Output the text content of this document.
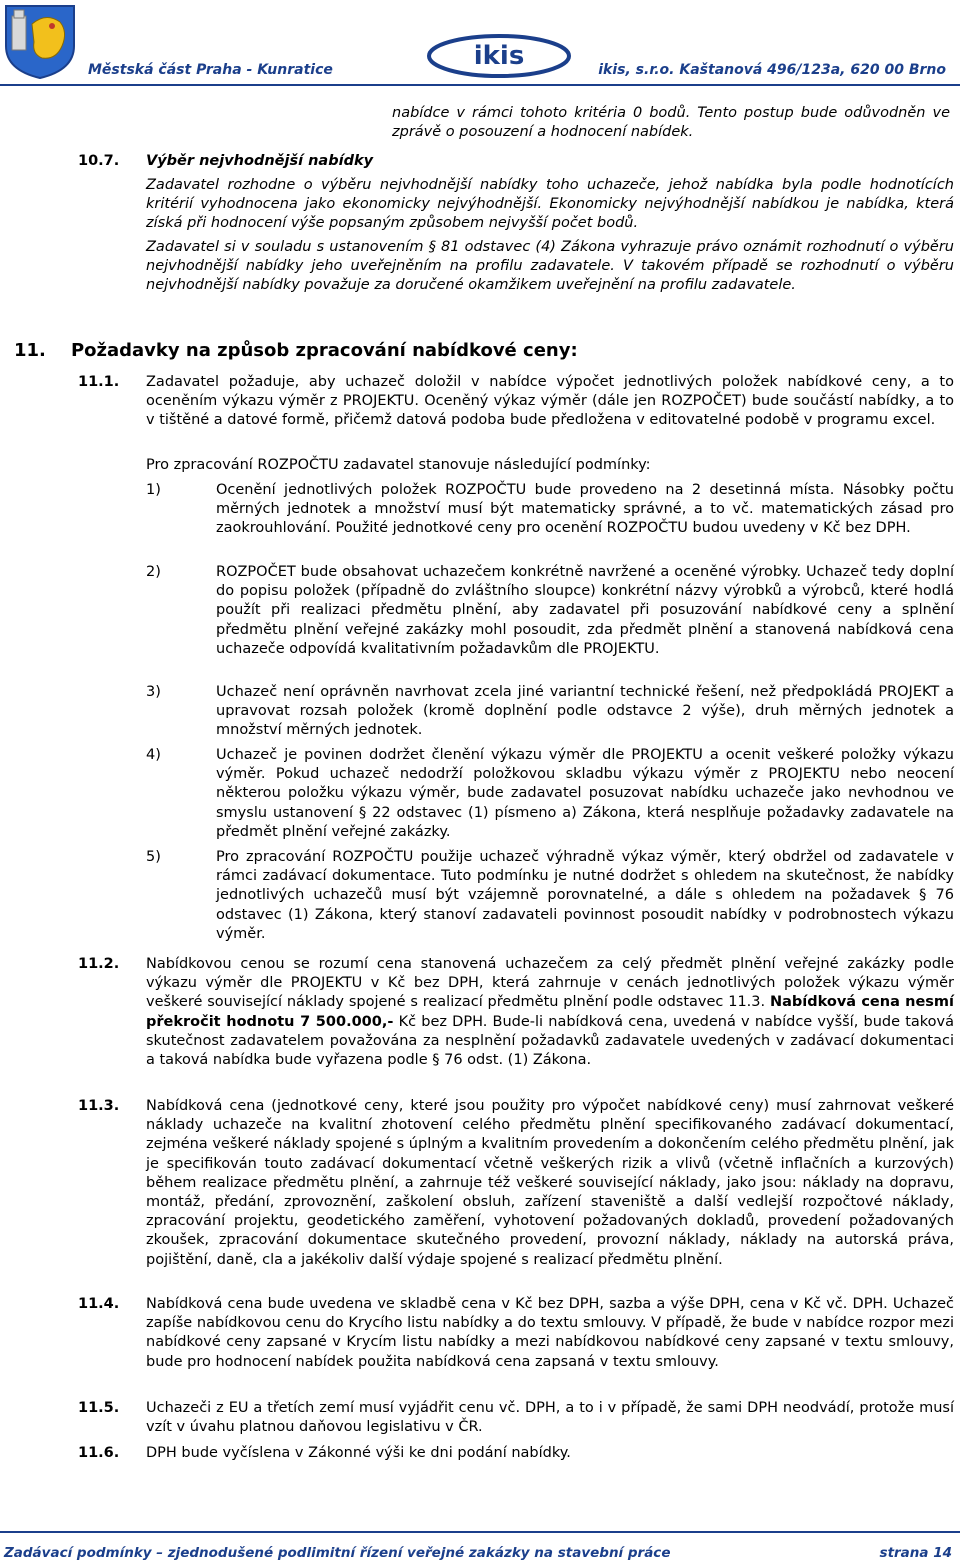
Městská část Praha - Kunratice	ikis	ikis, s.r.o. Kaštanová 496/123a, 620 00 Brno
nabídce v rámci tohoto kritéria 0 bodů. Tento postup bude odůvodněn ve zprávě o posouzení a hodnocení nabídek.
10.7. Výběr nejvhodnější nabídky
Zadavatel rozhodne o výběru nejvhodnější nabídky toho uchazeče, jehož nabídka byla podle hodnotících kritérií vyhodnocena jako ekonomicky nejvýhodnější. Ekonomicky nejvýhodnější nabídkou je nabídka, která získá při hodnocení výše popsaným způsobem nejvyšší počet bodů.
Zadavatel si v souladu s ustanovením § 81 odstavec (4) Zákona vyhrazuje právo oznámit rozhodnutí o výběru nejvhodnější nabídky jeho uveřejněním na profilu zadavatele. V takovém případě se rozhodnutí o výběru nejvhodnější nabídky považuje za doručené okamžikem uveřejnění na profilu zadavatele.
11. Požadavky na způsob zpracování nabídkové ceny:
11.1. Zadavatel požaduje, aby uchazeč doložil v nabídce výpočet jednotlivých položek nabídkové ceny, a to oceněním výkazu výměr z PROJEKTU. Oceněný výkaz výměr (dále jen ROZPOČET) bude součástí nabídky, a to v tištěné a datové formě, přičemž datová podoba bude předložena v editovatelné podobě v programu excel.
Pro zpracování ROZPOČTU zadavatel stanovuje následující podmínky:
1)	Ocenění jednotlivých položek ROZPOČTU bude provedeno na 2 desetinná místa. Násobky počtu měrných jednotek a množství musí být matematicky správné, a to vč. matematických zásad pro zaokrouhlování. Použité jednotkové ceny pro ocenění ROZPOČTU budou uvedeny v Kč bez DPH.
2)	ROZPOČET bude obsahovat uchazečem konkrétně navržené a oceněné výrobky. Uchazeč tedy doplní do popisu položek (případně do zvláštního sloupce) konkrétní názvy výrobků a výrobců, které hodlá použít při realizaci předmětu plnění, aby zadavatel při posuzování nabídkové ceny a splnění předmětu plnění veřejné zakázky mohl posoudit, zda předmět plnění a stanovená nabídková cena uchazeče odpovídá kvalitativním požadavkům dle PROJEKTU.
3)	Uchazeč není oprávněn navrhovat zcela jiné variantní technické řešení, než předpokládá PROJEKT a upravovat rozsah položek (kromě doplnění podle odstavce 2 výše), druh měrných jednotek a množství měrných jednotek.
4)	Uchazeč je povinen dodržet členění výkazu výměr dle PROJEKTU a ocenit veškeré položky výkazu výměr. Pokud uchazeč nedodrží položkovou skladbu výkazu výměr z PROJEKTU nebo neocení některou položku výkazu výměr, bude zadavatel posuzovat nabídku uchazeče jako nevhodnou ve smyslu ustanovení § 22 odstavec (1) písmeno a) Zákona, která nesplňuje požadavky zadavatele na předmět plnění veřejné zakázky.
5)	Pro zpracování ROZPOČTU použije uchazeč výhradně výkaz výměr, který obdržel od zadavatele v rámci zadávací dokumentace. Tuto podmínku je nutné dodržet s ohledem na skutečnost, že nabídky jednotlivých uchazečů musí být vzájemně porovnatelné, a dále s ohledem na požadavek § 76 odstavec (1) Zákona, který stanoví zadavateli povinnost posoudit nabídky v podrobnostech výkazu výměr.
11.2. Nabídkovou cenou se rozumí cena stanovená uchazečem za celý předmět plnění veřejné zakázky podle výkazu výměr dle PROJEKTU v Kč bez DPH, která zahrnuje v cenách jednotlivých položek výkazu výměr veškeré související náklady spojené s realizací předmětu plnění podle odstavec 11.3. Nabídková cena nesmí překročit hodnotu 7 500.000,- Kč bez DPH. Bude-li nabídková cena, uvedená v nabídce vyšší, bude taková skutečnost zadavatelem považována za nesplnění požadavků zadavatele uvedených v zadávací dokumentaci a taková nabídka bude vyřazena podle § 76 odst. (1) Zákona.
11.3. Nabídková cena (jednotkové ceny, které jsou použity pro výpočet nabídkové ceny) musí zahrnovat veškeré náklady uchazeče na kvalitní zhotovení celého předmětu plnění specifikovaného zadávací dokumentací, zejména veškeré náklady spojené s úplným a kvalitním provedením a dokončením celého předmětu plnění, jak je specifikován touto zadávací dokumentací včetně veškerých rizik a vlivů (včetně inflačních a kurzových) během realizace předmětu plnění, a zahrnuje též veškeré související náklady, jako jsou: náklady na dopravu, montáž, předání, zprovoznění, zaškolení obsluh, zařízení staveniště a další vedlejší rozpočtové náklady, zpracování projektu, geodetického zaměření, vyhotovení požadovaných dokladů, provedení požadovaných zkoušek, zpracování dokumentace skutečného provedení, provozní náklady, náklady na autorská práva, pojištění, daně, cla a jakékoliv další výdaje spojené s realizací předmětu plnění.
11.4. Nabídková cena bude uvedena ve skladbě cena v Kč bez DPH, sazba a výše DPH, cena v Kč vč. DPH. Uchazeč zapíše nabídkovou cenu do Krycího listu nabídky a do textu smlouvy. V případě, že bude v nabídce rozpor mezi nabídkové ceny zapsané v Krycím listu nabídky a mezi nabídkovou nabídkové ceny zapsané v textu smlouvy, bude pro hodnocení nabídek použita nabídková cena zapsaná v textu smlouvy.
11.5. Uchazeči z EU a třetích zemí musí vyjádřit cenu vč. DPH, a to i v případě, že sami DPH neodvádí, protože musí vzít v úvahu platnou daňovou legislativu v ČR.
11.6. DPH bude vyčíslena v Zákonné výši ke dni podání nabídky.
Zadávací podmínky – zjednodušené podlimitní řízení veřejné zakázky na stavební práce	strana 14
